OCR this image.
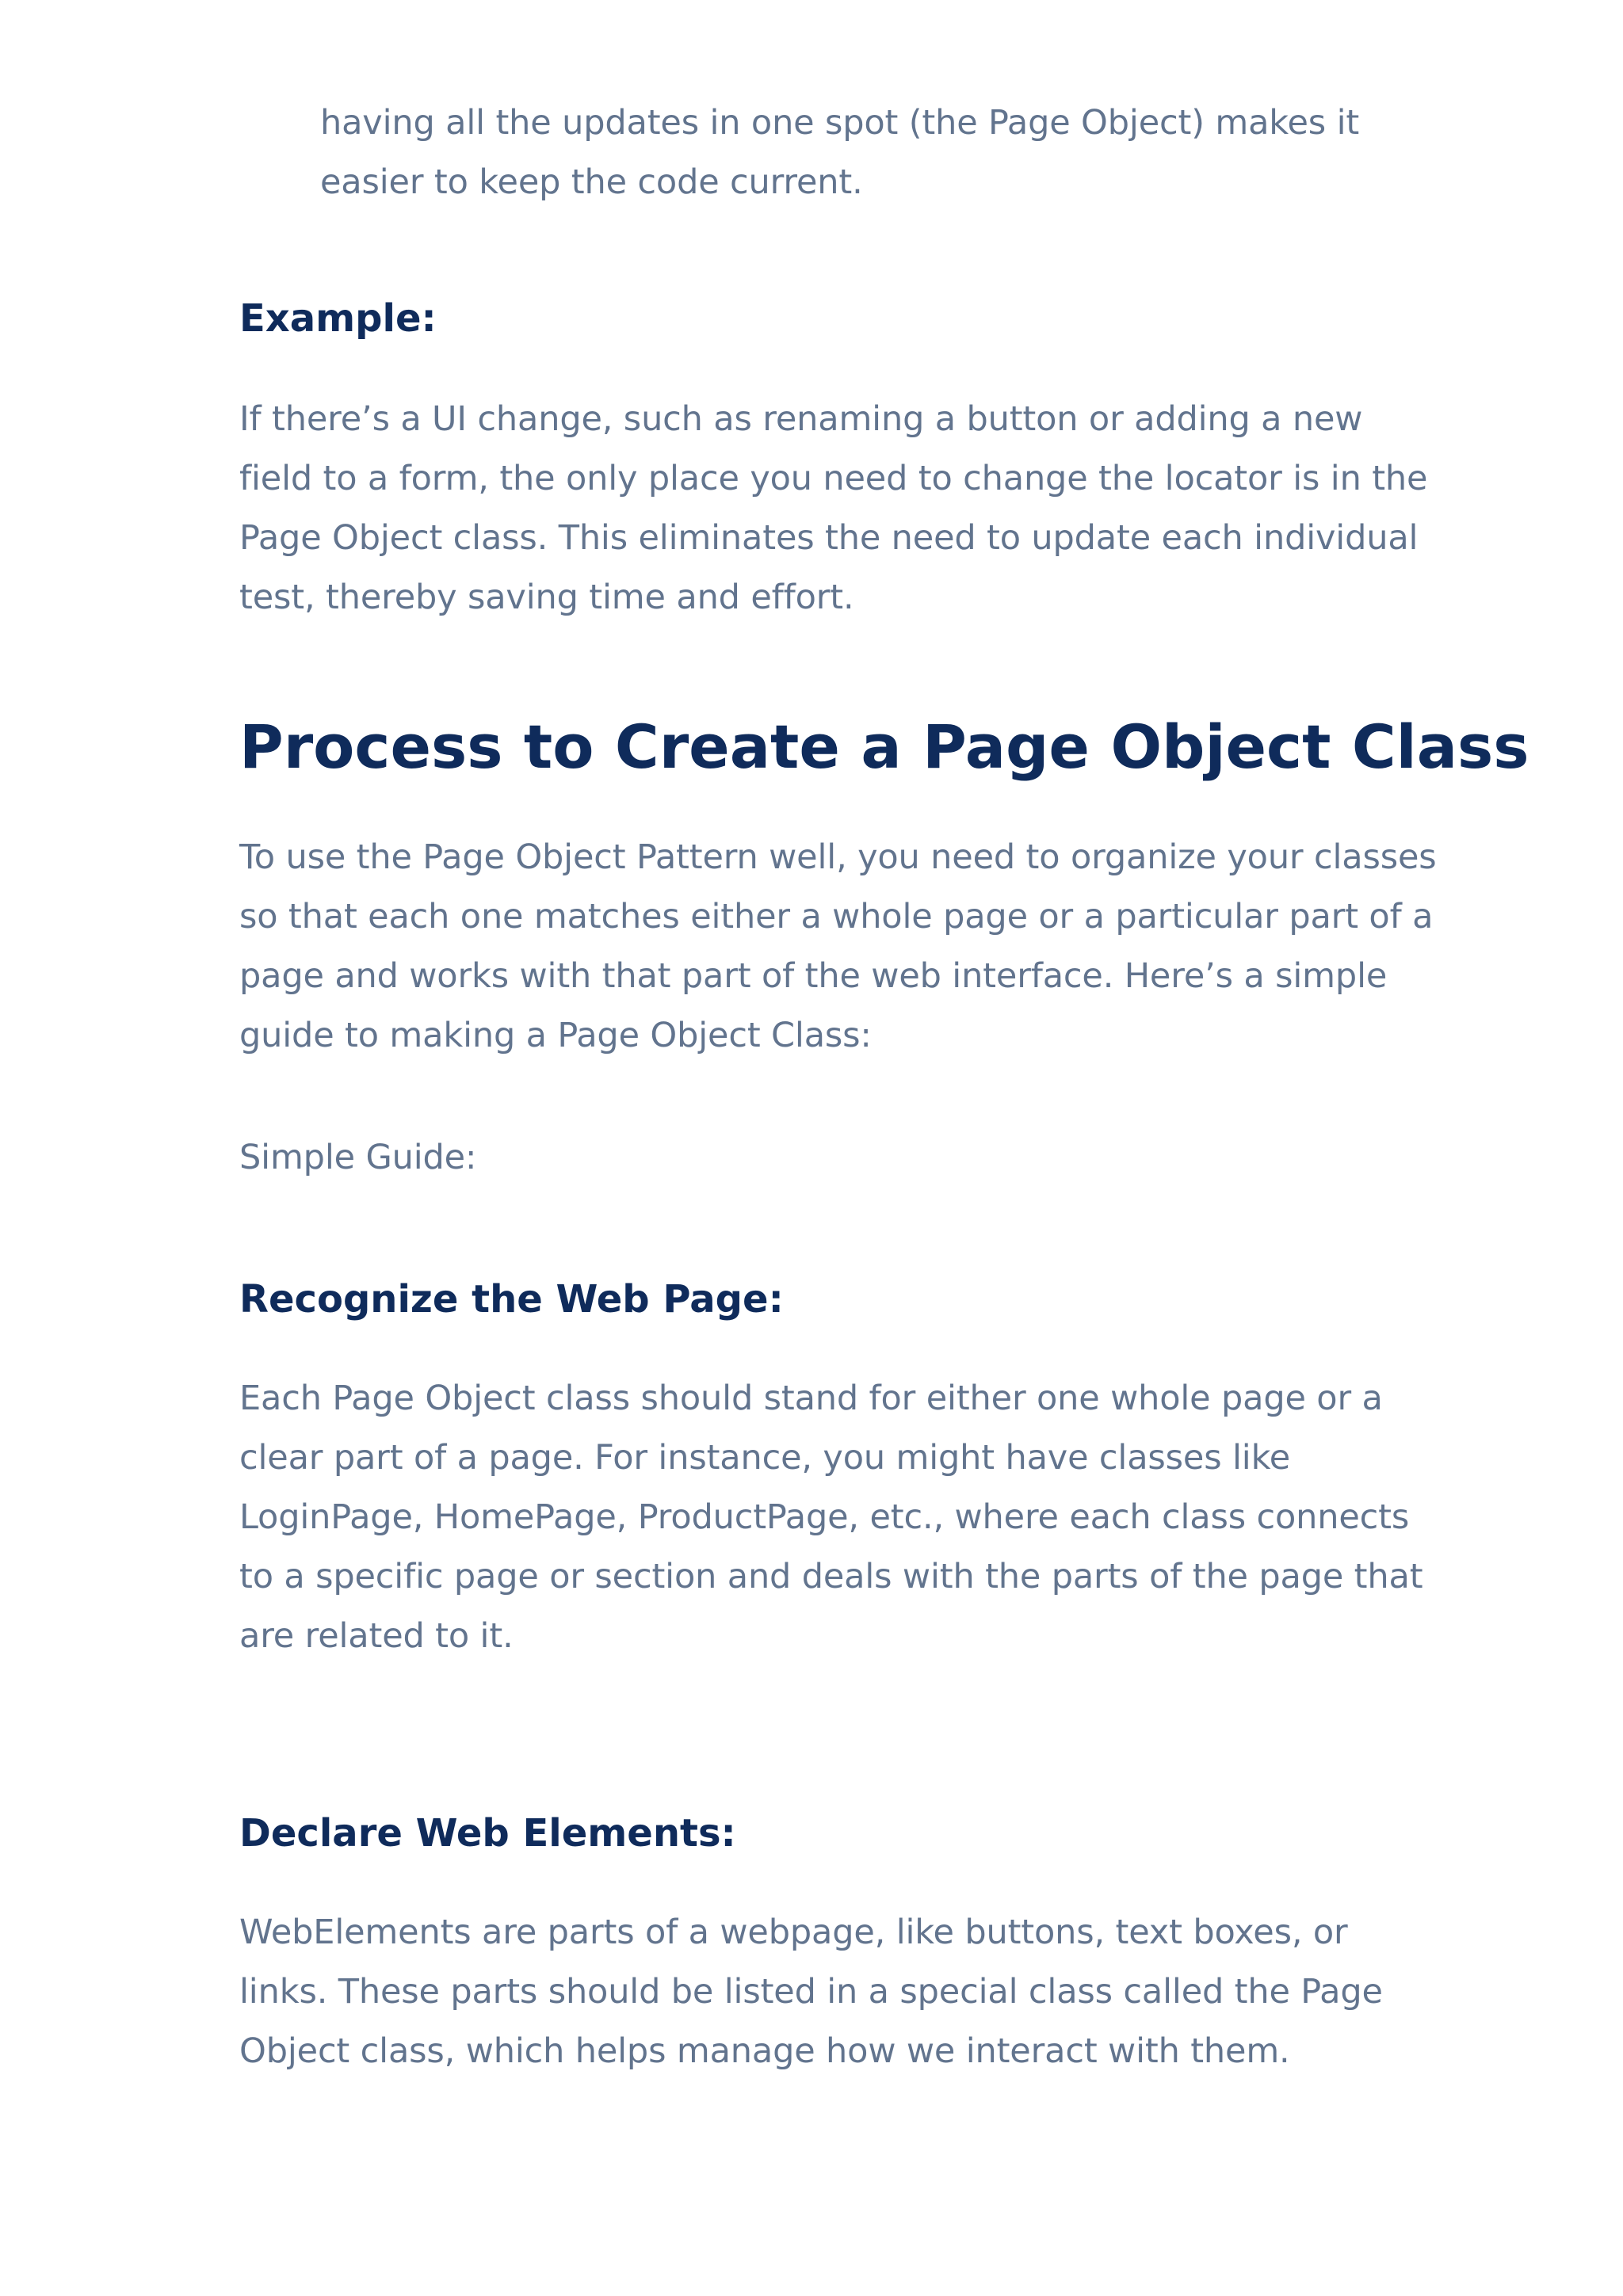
having all the updates in one spot (the Page Object) makes it easier to keep the code current.

Example:

If there’s a UI change, such as renaming a button or adding a new field to a form, the only place you need to change the locator is in the Page Object class. This eliminates the need to update each individual test, thereby saving time and effort.

Process to Create a Page Object Class

To use the Page Object Pattern well, you need to organize your classes so that each one matches either a whole page or a particular part of a page and works with that part of the web interface. Here’s a simple guide to making a Page Object Class:

Simple Guide:

Recognize the Web Page:

Each Page Object class should stand for either one whole page or a clear part of a page. For instance, you might have classes like LoginPage, HomePage, ProductPage, etc., where each class connects to a specific page or section and deals with the parts of the page that are related to it.

Declare Web Elements:

WebElements are parts of a webpage, like buttons, text boxes, or links. These parts should be listed in a special class called the Page Object class, which helps manage how we interact with them.
